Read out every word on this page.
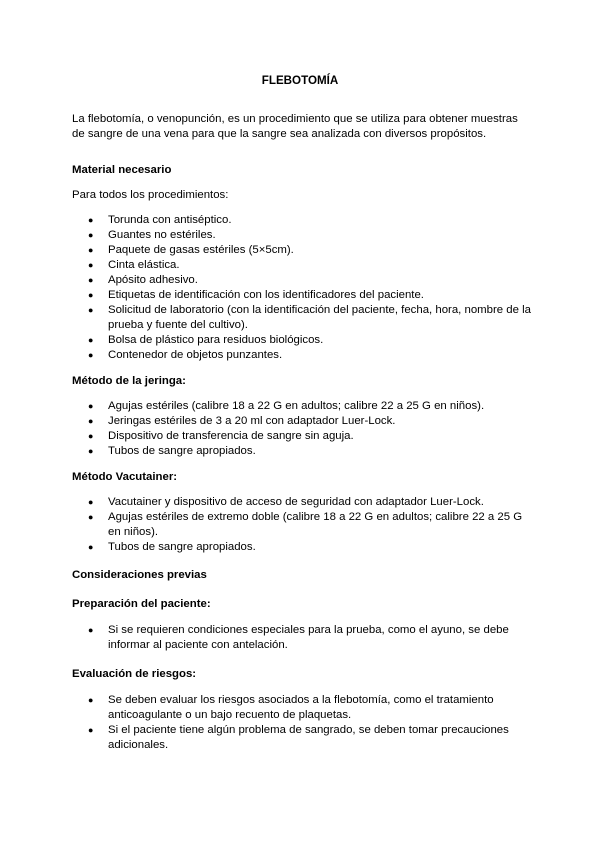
FLEBOTOMÍA

La flebotomía, o venopunción, es un procedimiento que se utiliza para obtener muestras de sangre de una vena para que la sangre sea analizada con diversos propósitos.

Material necesario

Para todos los procedimientos:

● Torunda con antiséptico.
● Guantes no estériles.
● Paquete de gasas estériles (5×5cm).
● Cinta elástica.
● Apósito adhesivo.
● Etiquetas de identificación con los identificadores del paciente.
● Solicitud de laboratorio (con la identificación del paciente, fecha, hora, nombre de la prueba y fuente del cultivo).
● Bolsa de plástico para residuos biológicos.
● Contenedor de objetos punzantes.

Método de la jeringa:

● Agujas estériles (calibre 18 a 22 G en adultos; calibre 22 a 25 G en niños).
● Jeringas estériles de 3 a 20 ml con adaptador Luer-Lock.
● Dispositivo de transferencia de sangre sin aguja.
● Tubos de sangre apropiados.

Método Vacutainer:

● Vacutainer y dispositivo de acceso de seguridad con adaptador Luer-Lock.
● Agujas estériles de extremo doble (calibre 18 a 22 G en adultos; calibre 22 a 25 G en niños).
● Tubos de sangre apropiados.

Consideraciones previas

Preparación del paciente:

● Si se requieren condiciones especiales para la prueba, como el ayuno, se debe informar al paciente con antelación.

Evaluación de riesgos:

● Se deben evaluar los riesgos asociados a la flebotomía, como el tratamiento anticoagulante o un bajo recuento de plaquetas.
● Si el paciente tiene algún problema de sangrado, se deben tomar precauciones adicionales.
